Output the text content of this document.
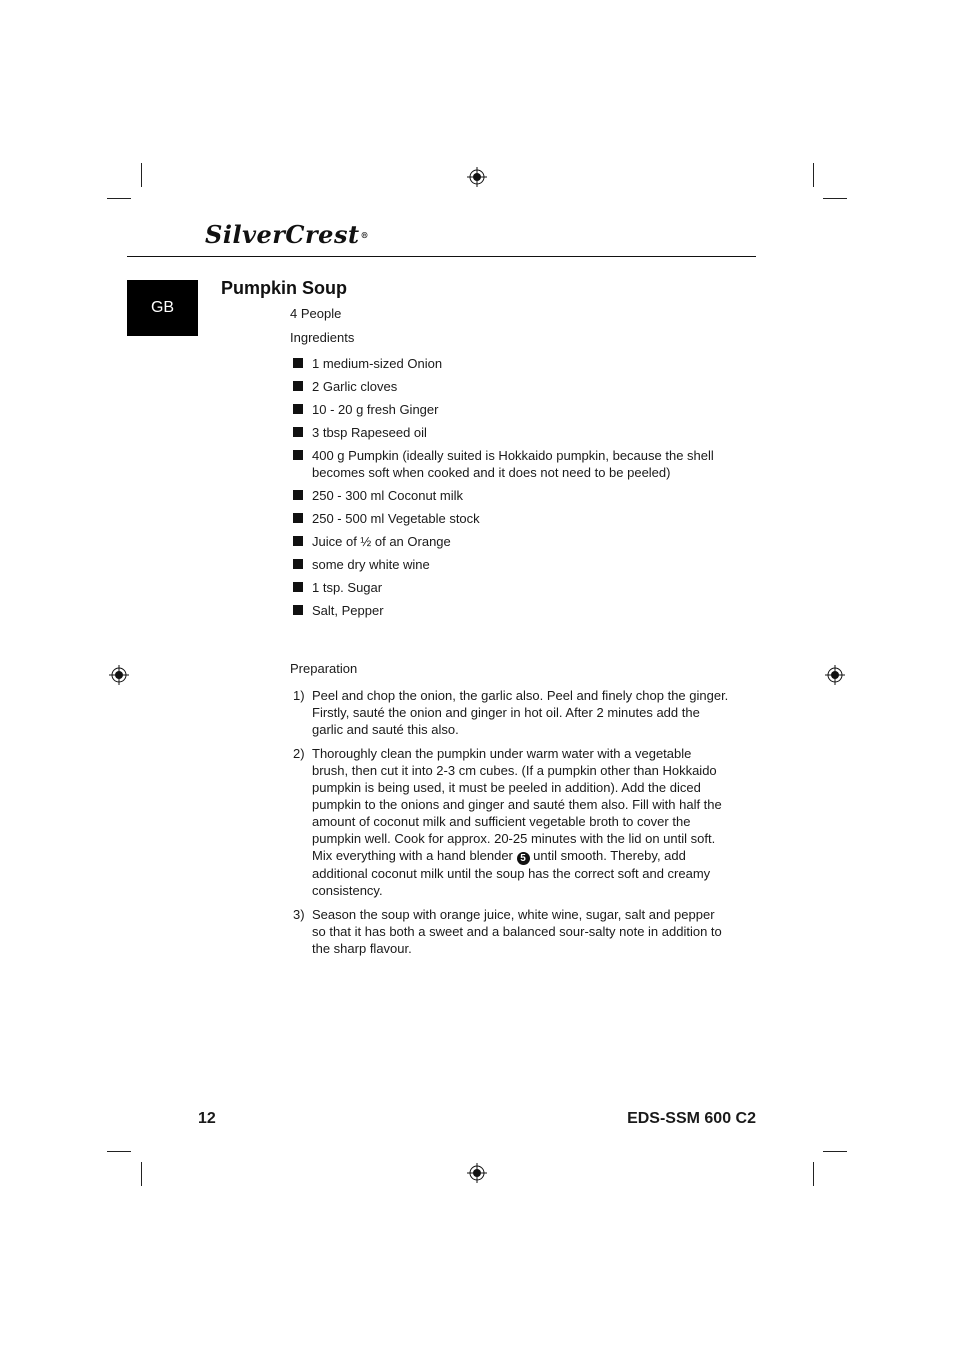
SilverCrest®
GB
Pumpkin Soup
4 People
Ingredients
1 medium-sized Onion
2 Garlic cloves
10 - 20 g fresh Ginger
3 tbsp Rapeseed oil
400 g Pumpkin (ideally suited is Hokkaido pumpkin, because the shell becomes soft when cooked and it does not need to be peeled)
250 - 300 ml Coconut milk
250 - 500 ml Vegetable stock
Juice of ½ of an Orange
some dry white wine
1 tsp. Sugar
Salt, Pepper
Preparation
1) Peel and chop the onion, the garlic also. Peel and finely chop the ginger. Firstly, sauté the onion and ginger in hot oil. After 2 minutes add the garlic and sauté this also.
2) Thoroughly clean the pumpkin under warm water with a vegetable brush, then cut it into 2-3 cm cubes. (If a pumpkin other than Hokkaido pumpkin is being used, it must be peeled in addition). Add the diced pumpkin to the onions and ginger and sauté them also. Fill with half the amount of coconut milk and sufficient vegetable broth to cover the pumpkin well. Cook for approx. 20-25 minutes with the lid on until soft. Mix everything with a hand blender 5 until smooth. Thereby, add additional coconut milk until the soup has the correct soft and creamy consistency.
3) Season the soup with orange juice, white wine, sugar, salt and pepper so that it has both a sweet and a balanced sour-salty note in addition to the sharp flavour.
12	EDS-SSM 600 C2
